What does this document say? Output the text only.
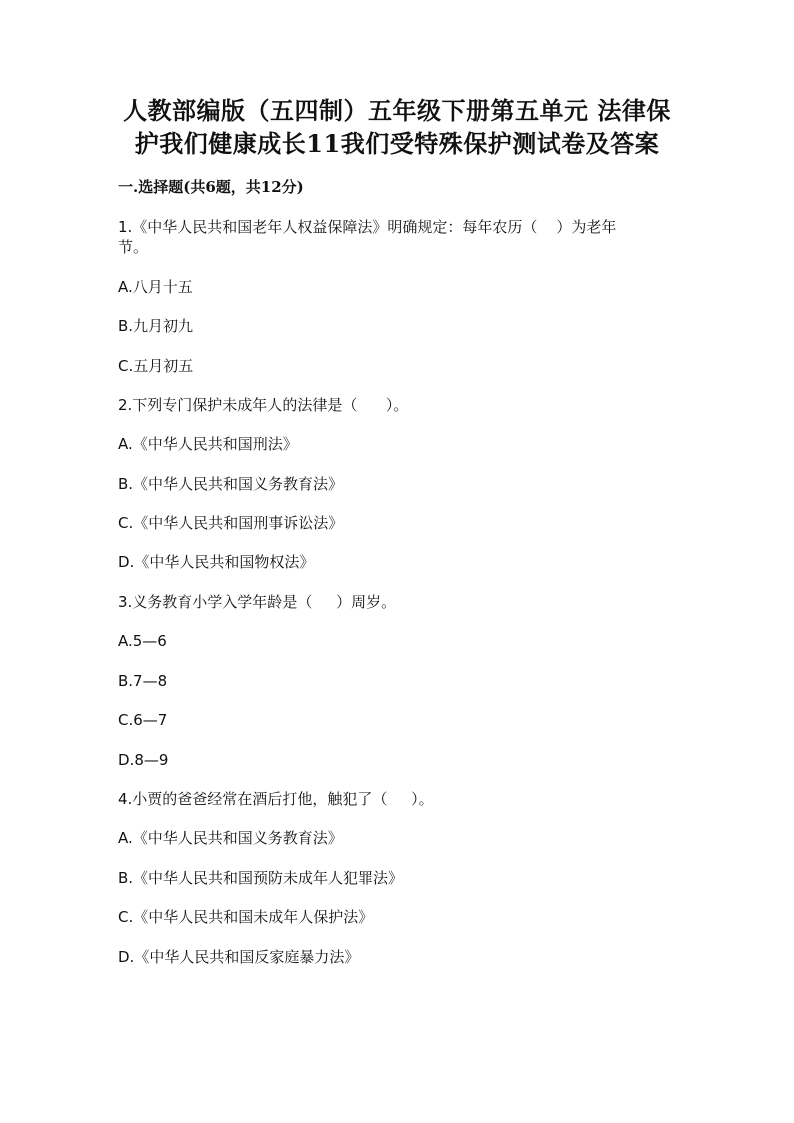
人教部编版（五四制）五年级下册第五单元 法律保
护我们健康成长11我们受特殊保护测试卷及答案
一.选择题(共6题，共12分)
1.《中华人民共和国老年人权益保障法》明确规定：每年农历（    ）为老年
节。
A.八月十五
B.九月初九
C.五月初五
2.下列专门保护未成年人的法律是（      ）。
A.《中华人民共和国刑法》
B.《中华人民共和国义务教育法》
C.《中华人民共和国刑事诉讼法》
D.《中华人民共和国物权法》
3.义务教育小学入学年龄是（     ）周岁。
A.5—6
B.7—8
C.6—7
D.8—9
4.小贾的爸爸经常在酒后打他，触犯了（     ）。
A.《中华人民共和国义务教育法》
B.《中华人民共和国预防未成年人犯罪法》
C.《中华人民共和国未成年人保护法》
D.《中华人民共和国反家庭暴力法》
